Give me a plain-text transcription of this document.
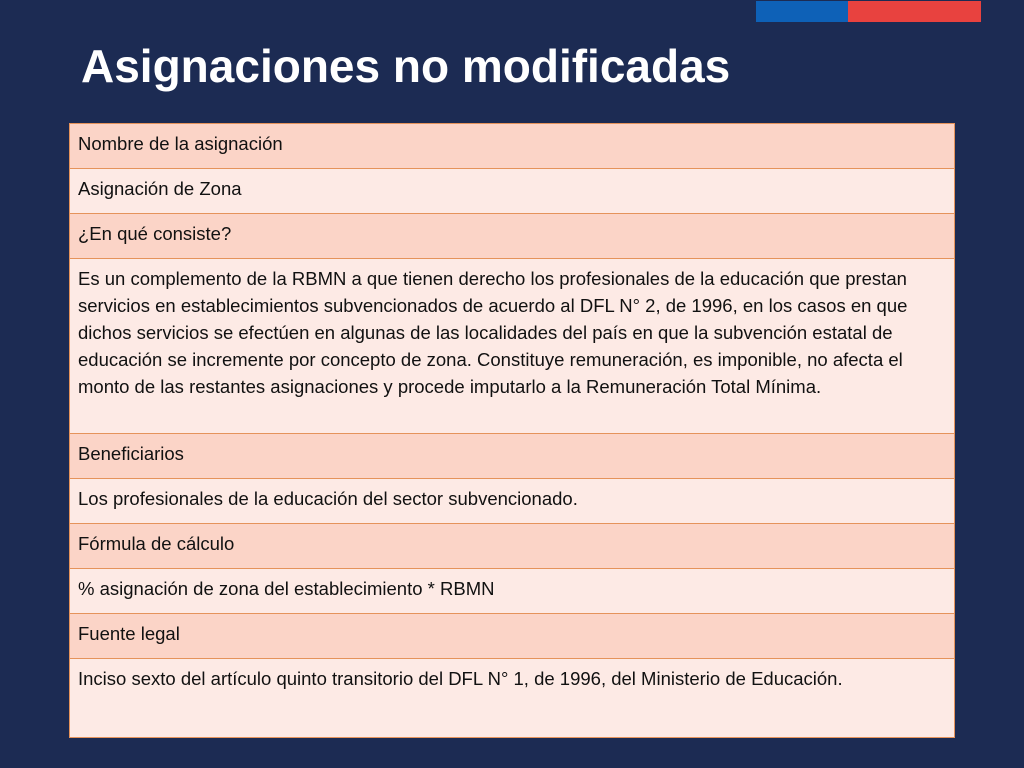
Asignaciones no modificadas
Nombre de la asignación
Asignación de Zona
¿En qué consiste?
Es un complemento de la RBMN a que tienen derecho los profesionales de la educación que prestan servicios en establecimientos subvencionados de acuerdo al DFL N° 2, de 1996, en los casos en que dichos servicios se efectúen en algunas de las localidades del país en que la subvención estatal de educación se incremente por concepto de zona. Constituye remuneración, es imponible, no afecta el monto de las restantes asignaciones y procede imputarlo a la Remuneración Total Mínima.
Beneficiarios
Los profesionales de la educación del sector subvencionado.
Fórmula de cálculo
% asignación de zona del establecimiento * RBMN
Fuente legal
Inciso sexto del artículo quinto transitorio del DFL N° 1, de 1996, del Ministerio de Educación.
